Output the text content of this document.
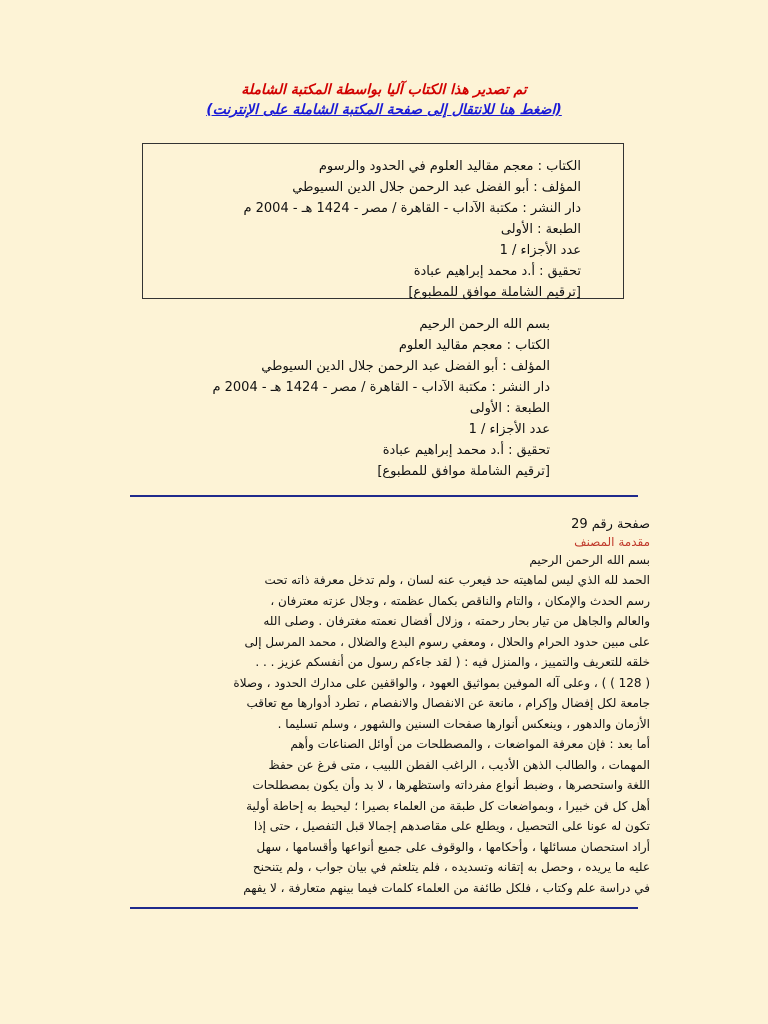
تم تصدير هذا الكتاب آليا بواسطة المكتبة الشاملة
(اضغط هنا للانتقال إلى صفحة المكتبة الشاملة على الإنترنت)
الكتاب : معجم مقاليد العلوم في الحدود والرسوم
المؤلف : أبو الفضل عبد الرحمن جلال الدين السيوطي
دار النشر : مكتبة الآداب - القاهرة / مصر - 1424 هـ - 2004 م
الطبعة : الأولى
عدد الأجزاء / 1
تحقيق : أ.د محمد إبراهيم عبادة
[ترقيم الشاملة موافق للمطبوع]
بسم الله الرحمن الرحيم
الكتاب : معجم مقاليد العلوم
المؤلف : أبو الفضل عبد الرحمن جلال الدين السيوطي
دار النشر : مكتبة الآداب - القاهرة / مصر - 1424 هـ - 2004 م
الطبعة : الأولى
عدد الأجزاء / 1
تحقيق : أ.د محمد إبراهيم عبادة
[ترقيم الشاملة موافق للمطبوع]
صفحة رقم 29
مقدمة المصنف
بسم الله الرحمن الرحيم
الحمد لله الذي ليس لماهيته حد فيعرب عنه لسان ، ولم تدخل معرفة ذاته تحت
رسم الحدث والإمكان ، والتام والناقص بكمال عظمته ، وجلال عزته معترفان ،
والعالم والجاهل من تيار بحار رحمته ، وزلال أفضال نعمته مغترفان . وصلى الله
على مبين حدود الحرام والحلال ، ومعفي رسوم البدع والضلال ، محمد المرسل إلى
خلقه للتعريف والتمييز ، والمنزل فيه : ( لقد جاءكم رسول من أنفسكم عزيز . . .
( 128 ) ) ، وعلى آله الموفين بمواثيق العهود ، والواقفين على مدارك الحدود ، وصلاة
جامعة لكل إفضال وإكرام ، مانعة عن الانفصال والانفصام ، تطرد أدوارها مع تعاقب
الأزمان والدهور ، وينعكس أنوارها صفحات السنين والشهور ، وسلم تسليما .
أما بعد : فإن معرفة المواضعات ، والمصطلحات من أوائل الصناعات وأهم
المهمات ، والطالب الذهن الأديب ، الراغب الفطن اللبيب ، متى فرغ عن حفظ
اللغة واستحصرها ، وضبط أنواع مفرداته واستظهرها ، لا بد وأن يكون بمصطلحات
أهل كل فن خبيرا ، وبمواضعات كل طبقة من العلماء بصيرا ؛ ليحيط به إحاطة أولية
تكون له عونا على التحصيل ، ويطلع على مقاصدهم إجمالا قبل التفصيل ، حتى إذا
أراد استحصان مسائلها ، وأحكامها ، والوقوف على جميع أنواعها وأقسامها ، سهل
عليه ما يريده ، وحصل به إتقانه وتسديده ، فلم يتلعثم في بيان جواب ، ولم يتنحنح
في دراسة علم وكتاب ، فلكل طائفة من العلماء كلمات فيما بينهم متعارفة ، لا يفهم
